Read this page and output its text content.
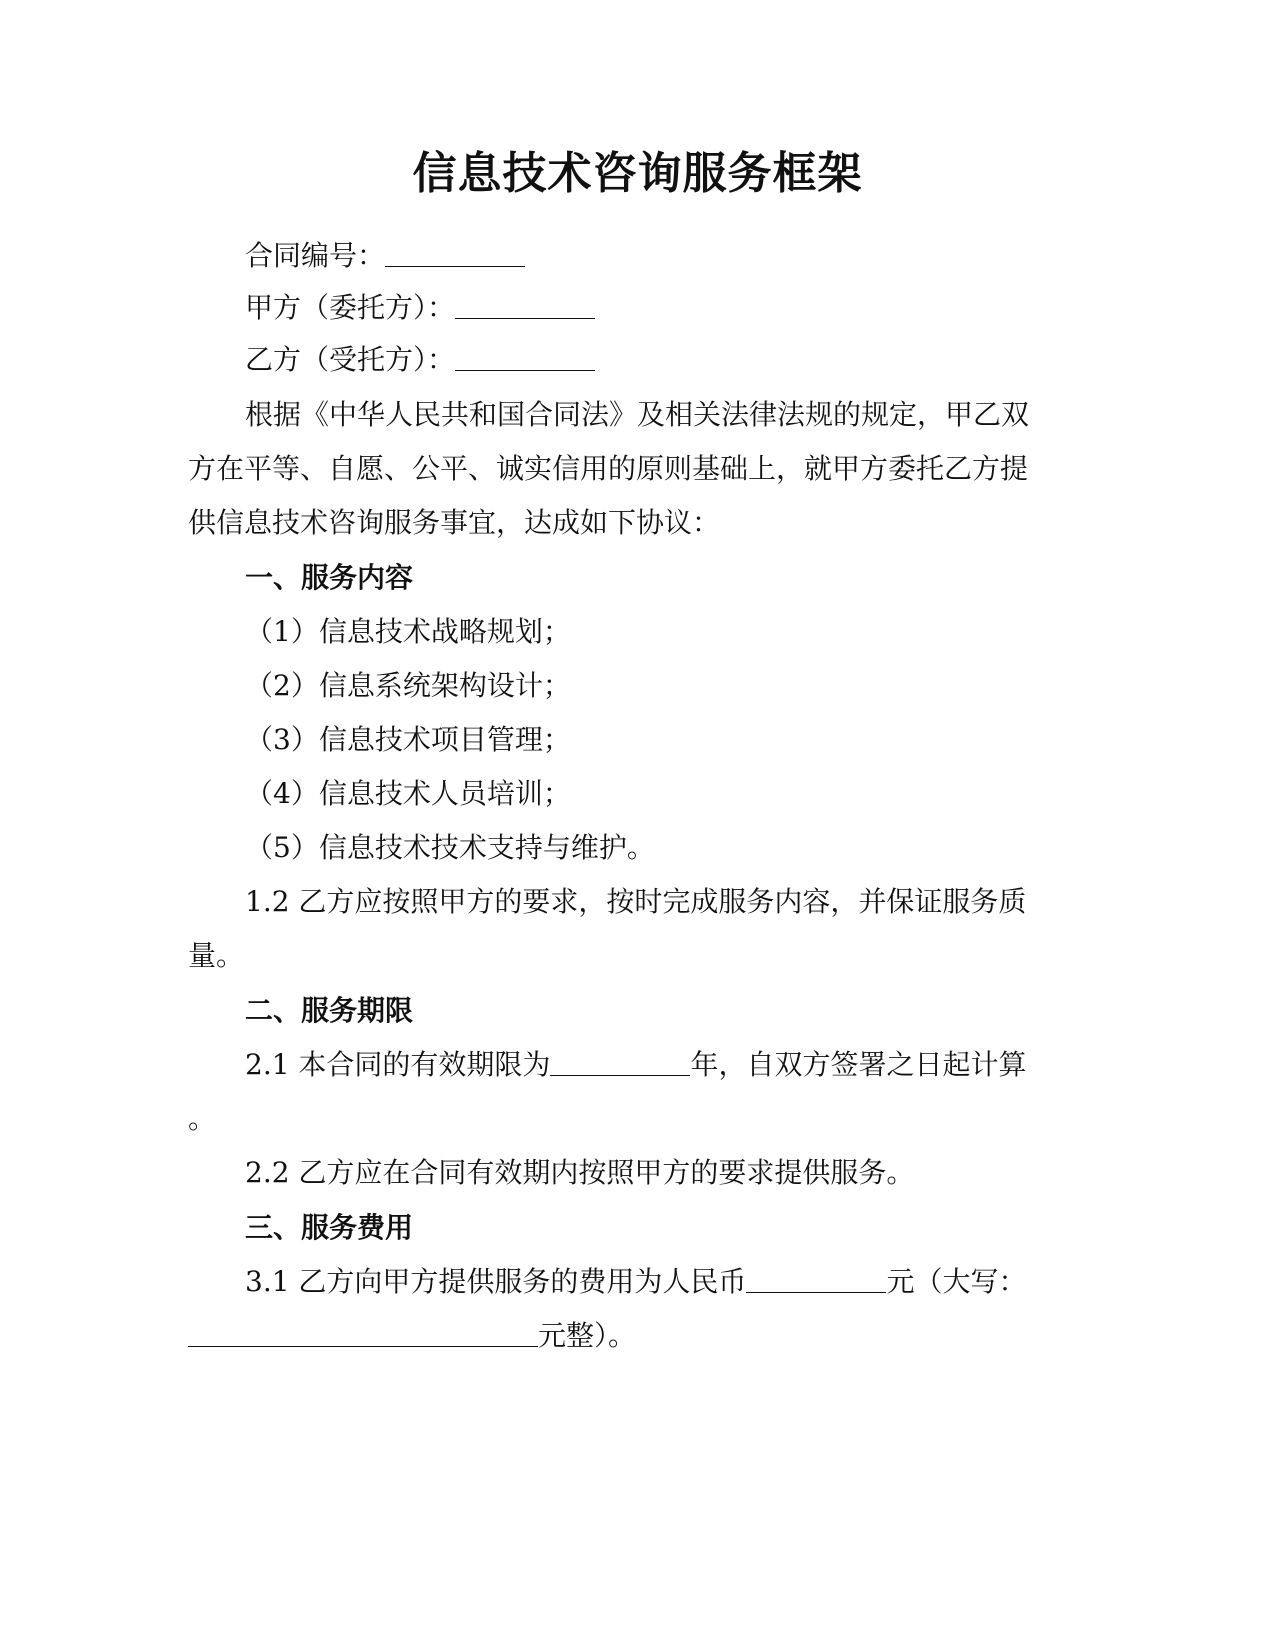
信息技术咨询服务框架
合同编号：
甲方（委托方）：
乙方（受托方）：
根据《中华人民共和国合同法》及相关法律法规的规定，甲乙双
方在平等、自愿、公平、诚实信用的原则基础上，就甲方委托乙方提
供信息技术咨询服务事宜，达成如下协议：
一、服务内容
（1）信息技术战略规划；
（2）信息系统架构设计；
（3）信息技术项目管理；
（4）信息技术人员培训；
（5）信息技术技术支持与维护。
1.2 乙方应按照甲方的要求，按时完成服务内容，并保证服务质
量。
二、服务期限
2.1 本合同的有效期限为	年，自双方签署之日起计算
。
2.2 乙方应在合同有效期内按照甲方的要求提供服务。
三、服务费用
3.1 乙方向甲方提供服务的费用为人民币	元（大写：
元整）。
